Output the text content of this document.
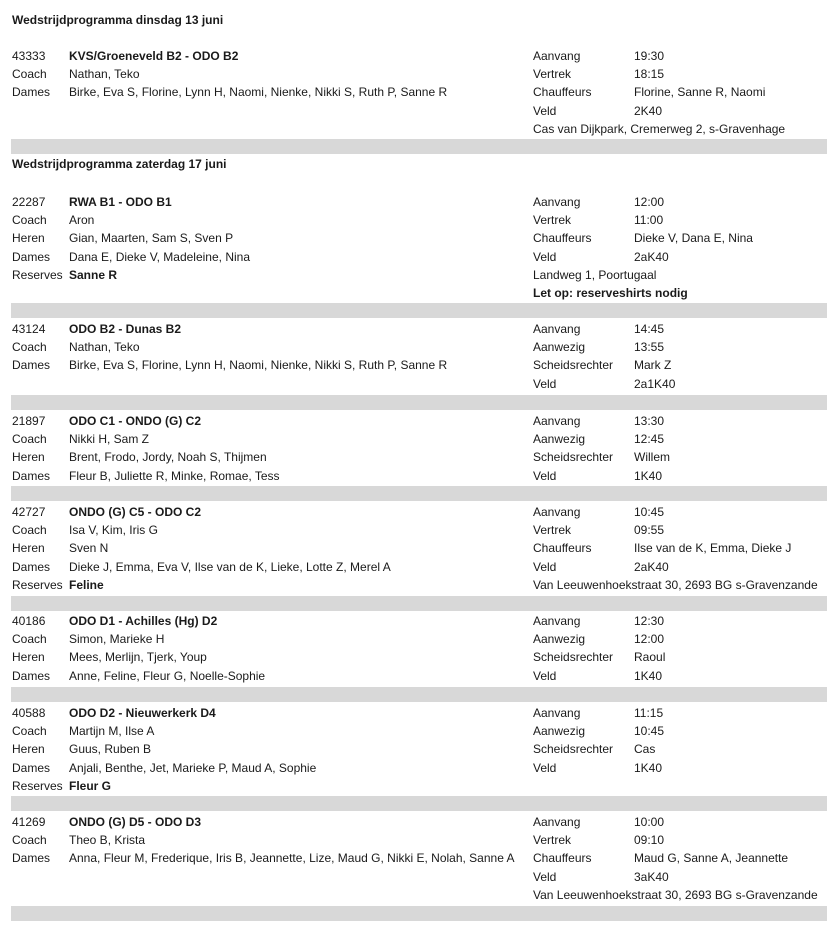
Wedstrijdprogramma dinsdag 13 juni
43333 KVS/Groeneveld B2 - ODO B2
Coach Nathan, Teko
Dames Birke, Eva S, Florine, Lynn H, Naomi, Nienke, Nikki S, Ruth P, Sanne R
Aanvang	19:30
Vertrek	18:15
Chauffeurs	Florine, Sanne R, Naomi
Veld	2K40
Cas van Dijkpark, Cremerweg 2, s-Gravenhage
Wedstrijdprogramma zaterdag 17 juni
22287 RWA B1 - ODO B1
Coach Aron
Heren Gian, Maarten, Sam S, Sven P
Dames Dana E, Dieke V, Madeleine, Nina
Reserves Sanne R
Aanvang	12:00
Vertrek	11:00
Chauffeurs	Dieke V, Dana E, Nina
Veld	2aK40
Landweg 1, Poortugaal
Let op: reserveshirts nodig
43124 ODO B2 - Dunas B2
Coach Nathan, Teko
Dames Birke, Eva S, Florine, Lynn H, Naomi, Nienke, Nikki S, Ruth P, Sanne R
Aanvang	14:45
Aanwezig	13:55
Scheidsrechter Mark Z
Veld	2a1K40
21897 ODO C1 - ONDO (G) C2
Coach Nikki H, Sam Z
Heren Brent, Frodo, Jordy, Noah S, Thijmen
Dames Fleur B, Juliette R, Minke, Romae, Tess
Aanvang	13:30
Aanwezig	12:45
Scheidsrechter Willem
Veld	1K40
42727 ONDO (G) C5 - ODO C2
Coach Isa V, Kim, Iris G
Heren Sven N
Dames Dieke J, Emma, Eva V, Ilse van de K, Lieke, Lotte Z, Merel A
Reserves Feline
Aanvang	10:45
Vertrek	09:55
Chauffeurs	Ilse van de K, Emma, Dieke J
Veld	2aK40
Van Leeuwenhoekstraat 30, 2693 BG s-Gravenzande
40186 ODO D1 - Achilles (Hg) D2
Coach Simon, Marieke H
Heren Mees, Merlijn, Tjerk, Youp
Dames Anne, Feline, Fleur G, Noelle-Sophie
Aanvang	12:30
Aanwezig	12:00
Scheidsrechter Raoul
Veld	1K40
40588 ODO D2 - Nieuwerkerk D4
Coach Martijn M, Ilse A
Heren Guus, Ruben B
Dames Anjali, Benthe, Jet, Marieke P, Maud A, Sophie
Reserves Fleur G
Aanvang	11:15
Aanwezig	10:45
Scheidsrechter Cas
Veld	1K40
41269 ONDO (G) D5 - ODO D3
Coach Theo B, Krista
Dames Anna, Fleur M, Frederique, Iris B, Jeannette, Lize, Maud G, Nikki E, Nolah, Sanne A
Aanvang	10:00
Vertrek	09:10
Chauffeurs	Maud G, Sanne A, Jeannette
Veld	3aK40
Van Leeuwenhoekstraat 30, 2693 BG s-Gravenzande
